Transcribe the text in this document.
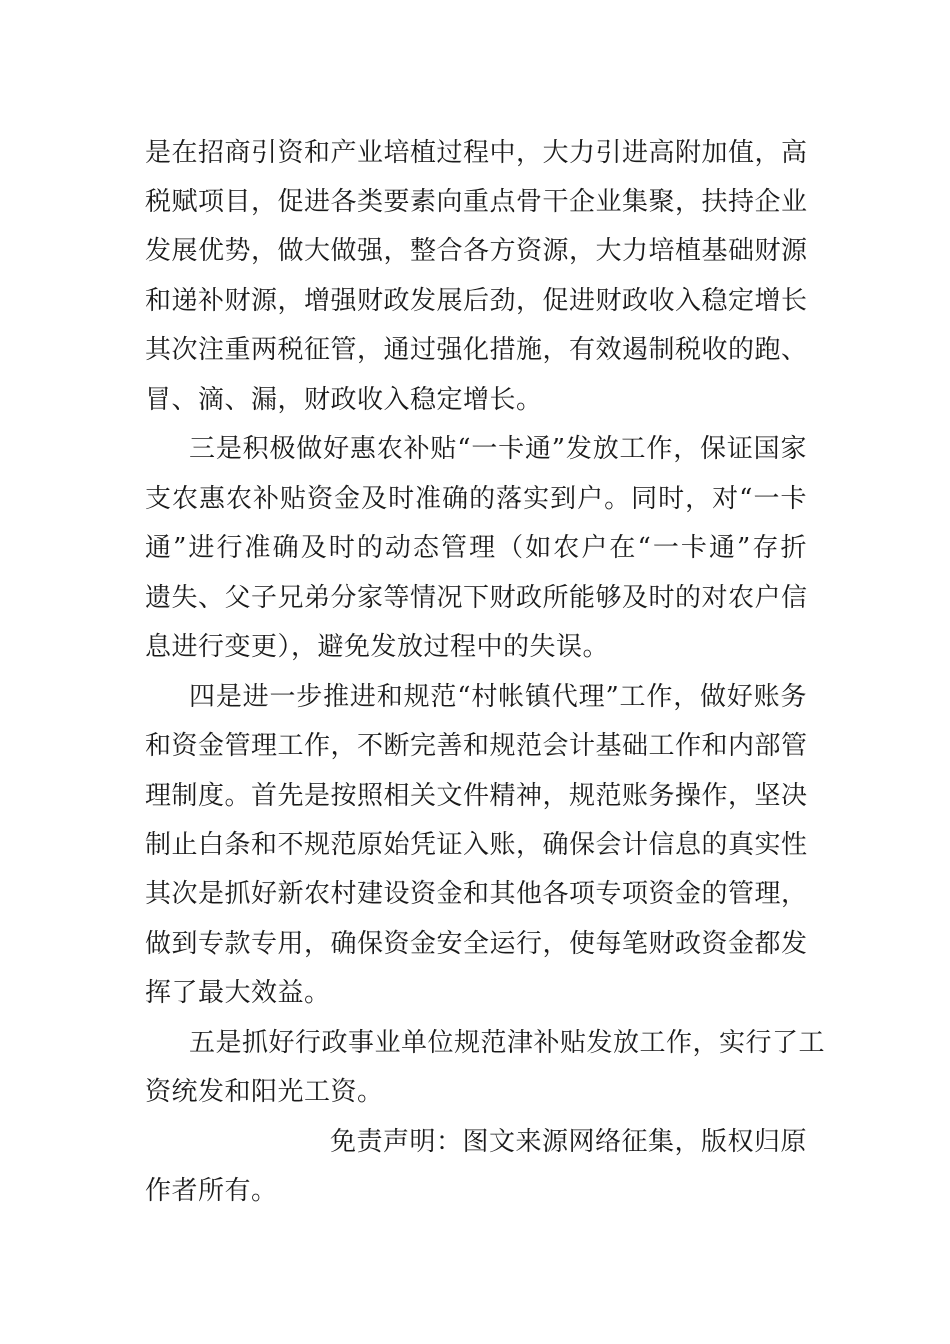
是在招商引资和产业培植过程中，大力引进高附加值，高
税赋项目，促进各类要素向重点骨干企业集聚，扶持企业
发展优势，做大做强，整合各方资源，大力培植基础财源
和递补财源，增强财政发展后劲，促进财政收入稳定增长
其次注重两税征管，通过强化措施，有效遏制税收的跑、
冒、滴、漏，财政收入稳定增长。
三是积极做好惠农补贴“一卡通”发放工作，保证国家
支农惠农补贴资金及时准确的落实到户。同时，对“一卡
通”进行准确及时的动态管理（如农户在“一卡通”存折
遗失、父子兄弟分家等情况下财政所能够及时的对农户信
息进行变更），避免发放过程中的失误。
四是进一步推进和规范“村帐镇代理”工作，做好账务
和资金管理工作，不断完善和规范会计基础工作和内部管
理制度。首先是按照相关文件精神，规范账务操作，坚决
制止白条和不规范原始凭证入账，确保会计信息的真实性
其次是抓好新农村建设资金和其他各项专项资金的管理，
做到专款专用，确保资金安全运行，使每笔财政资金都发
挥了最大效益。
五是抓好行政事业单位规范津补贴发放工作，实行了工
资统发和阳光工资。
免责声明：图文来源网络征集，版权归原
作者所有。
